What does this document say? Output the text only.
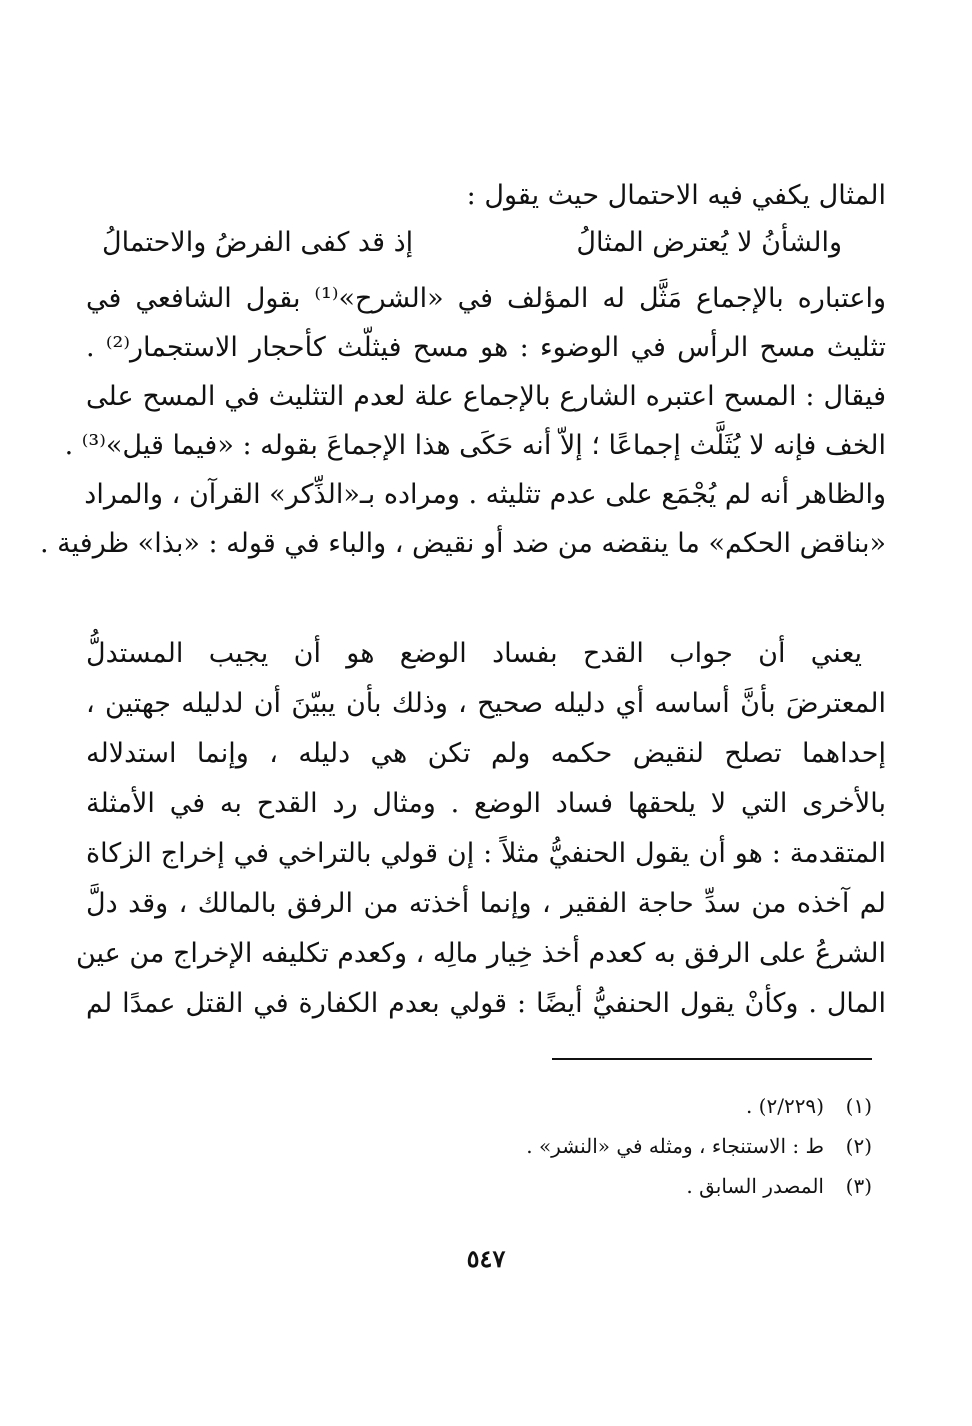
المثال يكفي فيه الاحتمال حيث يقول :
والشأنُ لا يُعترض المثالُ
إذ قد كفى الفرضُ والاحتمالُ
واعتباره بالإجماع مَثَّل له المؤلف في «الشرح»⁽¹⁾ بقول الشافعي في
تثليث مسح الرأس في الوضوء : هو مسح فيثلّث كأحجار الاستجمار⁽²⁾ .
فيقال : المسح اعتبره الشارع بالإجماع علة لعدم التثليث في المسح على
الخف فإنه لا يُثَلَّث إجماعًا ؛ إلاّ أنه حَكَى هذا الإجماعَ بقوله : «فيما قيل»⁽³⁾ .
والظاهر أنه لم يُجْمَع على عدم تثليثه . ومراده بـ«الذِّكر» القرآن ، والمراد
«بناقض الحكم» ما ينقضه من ضد أو نقيض ، والباء في قوله : «بذا» ظرفية .
يعني أن جواب القدح بفساد الوضع هو أن يجيب المستدلُّ
المعترضَ بأنَّ أساسه أي دليله صحيح ، وذلك بأن يبيّنَ أن لدليله جهتين ،
إحداهما تصلح لنقيض حكمه ولم تكن هي دليله ، وإنما استدلاله
بالأخرى التي لا يلحقها فساد الوضع . ومثال رد القدح به في الأمثلة
المتقدمة : هو أن يقول الحنفيُّ مثلاً : إن قولي بالتراخي في إخراج الزكاة
لم آخذه من سدِّ حاجة الفقير ، وإنما أخذته من الرفق بالمالك ، وقد دلَّ
الشرعُ على الرفق به كعدم أخذ خِيار مالِه ، وكعدم تكليفه الإخراج من عين
المال . وكأنْ يقول الحنفيُّ أيضًا : قولي بعدم الكفارة في القتل عمدًا لم
(١)(٢/٢٢٩) .
(٢)ط : الاستنجاء ، ومثله في «النشر» .
(٣)المصدر السابق .
٥٤٧
